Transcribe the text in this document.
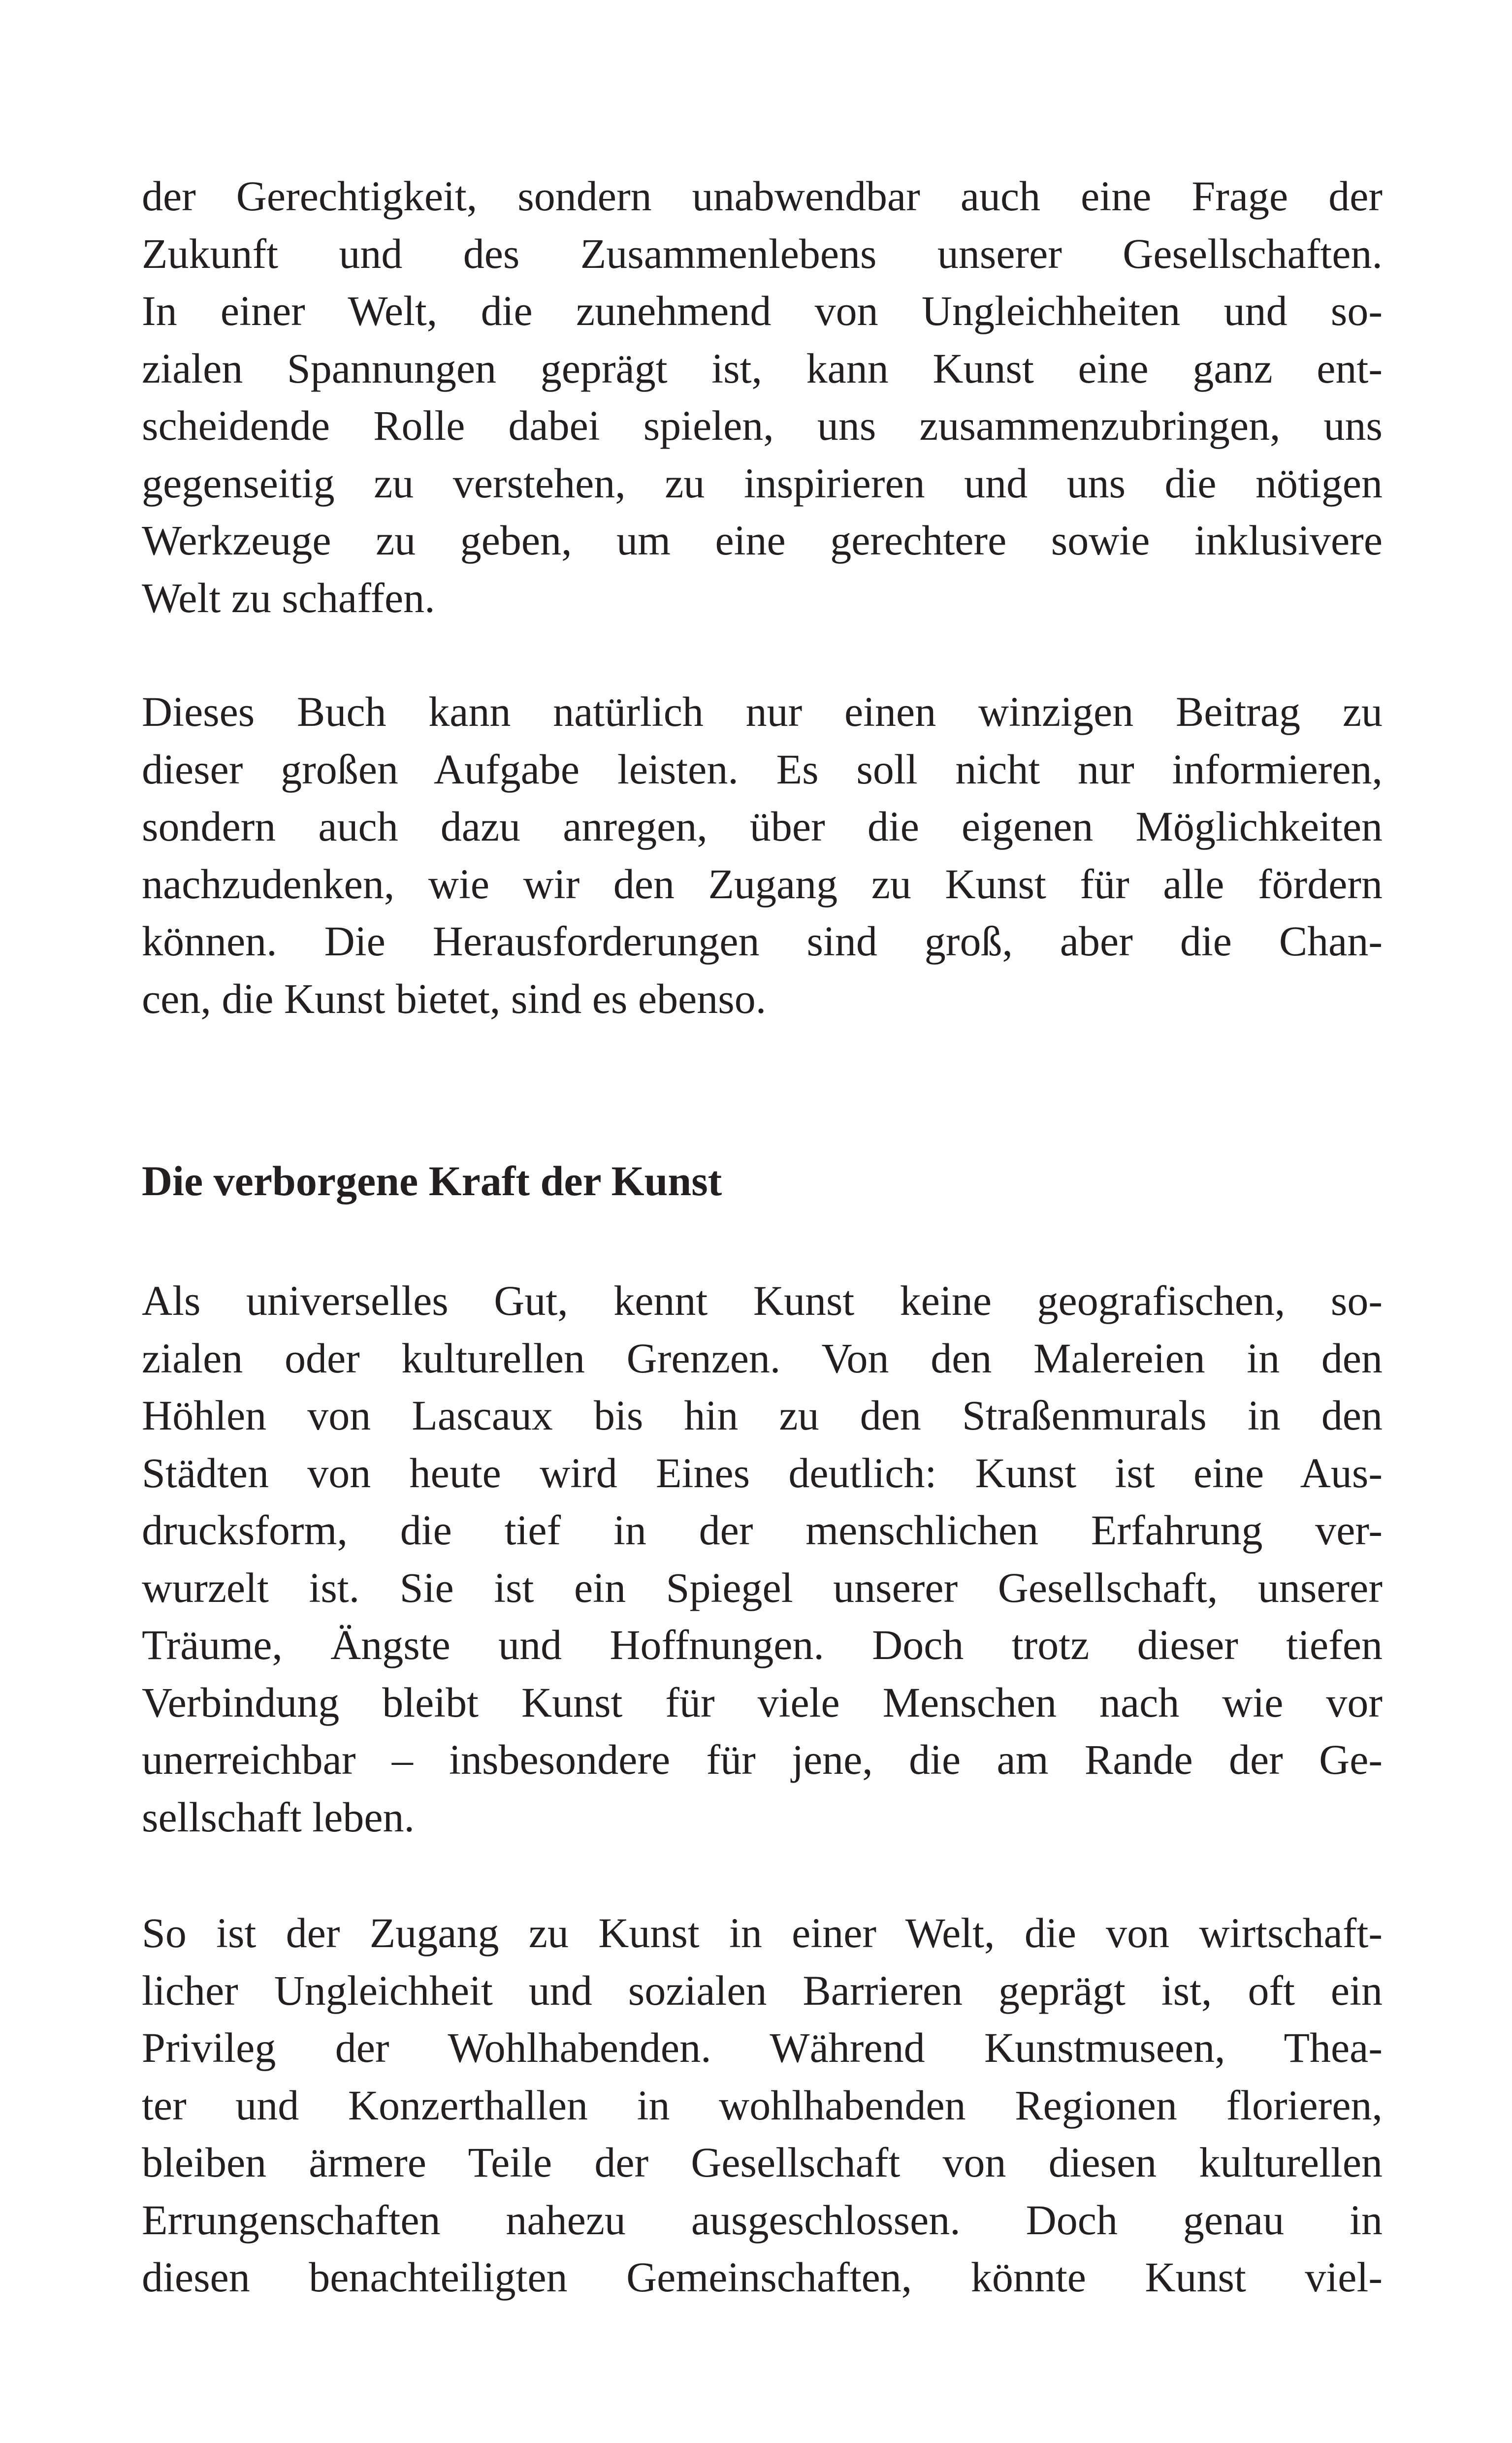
der Gerechtigkeit, sondern unabwendbar auch eine Frage der
Zukunft und des Zusammenlebens unserer Gesellschaften.
In einer Welt, die zunehmend von Ungleichheiten und so-
zialen Spannungen geprägt ist, kann Kunst eine ganz ent-
scheidende Rolle dabei spielen, uns zusammenzubringen, uns
gegenseitig zu verstehen, zu inspirieren und uns die nötigen
Werkzeuge zu geben, um eine gerechtere sowie inklusivere
Welt zu schaffen.
Dieses Buch kann natürlich nur einen winzigen Beitrag zu
dieser großen Aufgabe leisten. Es soll nicht nur informieren,
sondern auch dazu anregen, über die eigenen Möglichkeiten
nachzudenken, wie wir den Zugang zu Kunst für alle fördern
können. Die Herausforderungen sind groß, aber die Chan-
cen, die Kunst bietet, sind es ebenso.
Die verborgene Kraft der Kunst
Als universelles Gut, kennt Kunst keine geografischen, so-
zialen oder kulturellen Grenzen. Von den Malereien in den
Höhlen von Lascaux bis hin zu den Straßenmurals in den
Städten von heute wird Eines deutlich: Kunst ist eine Aus-
drucksform, die tief in der menschlichen Erfahrung ver-
wurzelt ist. Sie ist ein Spiegel unserer Gesellschaft, unserer
Träume, Ängste und Hoffnungen. Doch trotz dieser tiefen
Verbindung bleibt Kunst für viele Menschen nach wie vor
unerreichbar – insbesondere für jene, die am Rande der Ge-
sellschaft leben.
So ist der Zugang zu Kunst in einer Welt, die von wirtschaft-
licher Ungleichheit und sozialen Barrieren geprägt ist, oft ein
Privileg der Wohlhabenden. Während Kunstmuseen, Thea-
ter und Konzerthallen in wohlhabenden Regionen florieren,
bleiben ärmere Teile der Gesellschaft von diesen kulturellen
Errungenschaften nahezu ausgeschlossen. Doch genau in
diesen benachteiligten Gemeinschaften, könnte Kunst viel-
